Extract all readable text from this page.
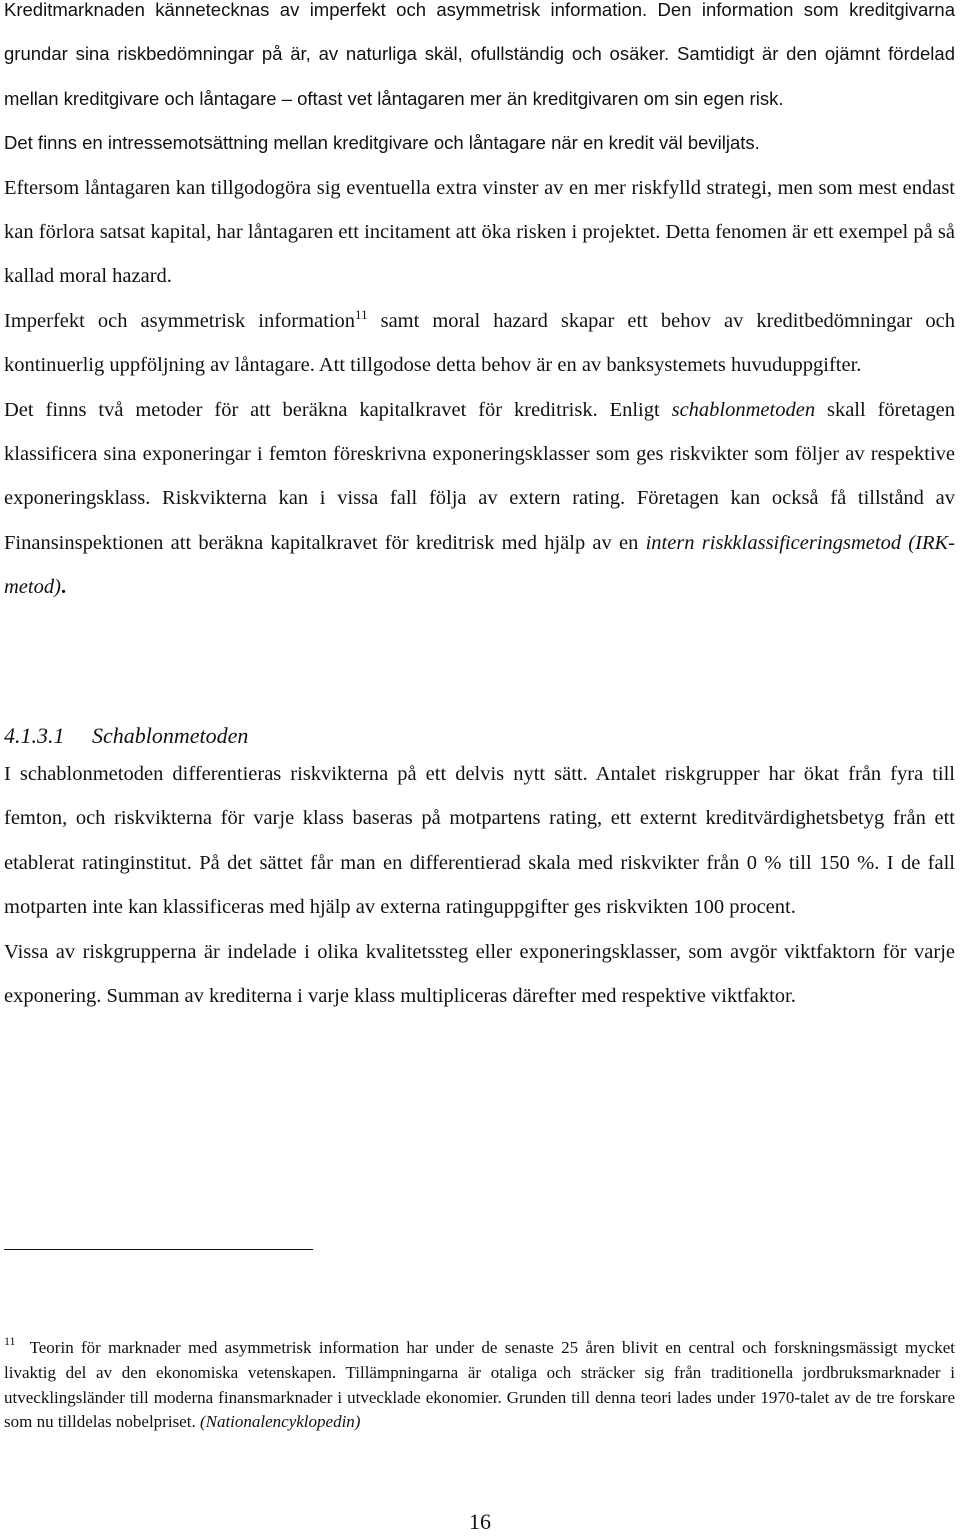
Kreditmarknaden kännetecknas av imperfekt och asymmetrisk information. Den information som kreditgivarna grundar sina riskbedömningar på är, av naturliga skäl, ofullständig och osäker. Samtidigt är den ojämnt fördelad mellan kreditgivare och låntagare – oftast vet låntagaren mer än kreditgivaren om sin egen risk.
Det finns en intressemotsättning mellan kreditgivare och låntagare när en kredit väl beviljats.
Eftersom låntagaren kan tillgodogöra sig eventuella extra vinster av en mer riskfylld strategi, men som mest endast kan förlora satsat kapital, har låntagaren ett incitament att öka risken i projektet. Detta fenomen är ett exempel på så kallad moral hazard.
Imperfekt och asymmetrisk information$^{11}$ samt moral hazard skapar ett behov av kreditbedömningar och kontinuerlig uppföljning av låntagare. Att tillgodose detta behov är en av banksystemets huvuduppgifter.
Det finns två metoder för att beräkna kapitalkravet för kreditrisk. Enligt schablonmetoden skall företagen klassificera sina exponeringar i femton föreskrivna exponeringsklasser som ges riskvikter som följer av respektive exponeringsklass. Riskvikterna kan i vissa fall följa av extern rating. Företagen kan också få tillstånd av Finansinspektionen att beräkna kapitalkravet för kreditrisk med hjälp av en intern riskklassificeringsmetod (IRK-metod).
4.1.3.1 Schablonmetoden
I schablonmetoden differentieras riskvikterna på ett delvis nytt sätt. Antalet riskgrupper har ökat från fyra till femton, och riskvikterna för varje klass baseras på motpartens rating, ett externt kreditvärdighetsbetyg från ett etablerat ratinginstitut. På det sättet får man en differentierad skala med riskvikter från 0 % till 150 %. I de fall motparten inte kan klassificeras med hjälp av externa ratinguppgifter ges riskvikten 100 procent.
Vissa av riskgrupperna är indelade i olika kvalitetssteg eller exponeringsklasser, som avgör viktfaktorn för varje exponering. Summan av krediterna i varje klass multipliceras därefter med respektive viktfaktor.
$^{11}$ Teorin för marknader med asymmetrisk information har under de senaste 25 åren blivit en central och forskningsmässigt mycket livaktig del av den ekonomiska vetenskapen. Tillämpningarna är otaliga och sträcker sig från traditionella jordbruksmarknader i utvecklingsländer till moderna finansmarknader i utvecklade ekonomier. Grunden till denna teori lades under 1970-talet av de tre forskare som nu tilldelas nobelpriset. (Nationalencyklopedin)
16
